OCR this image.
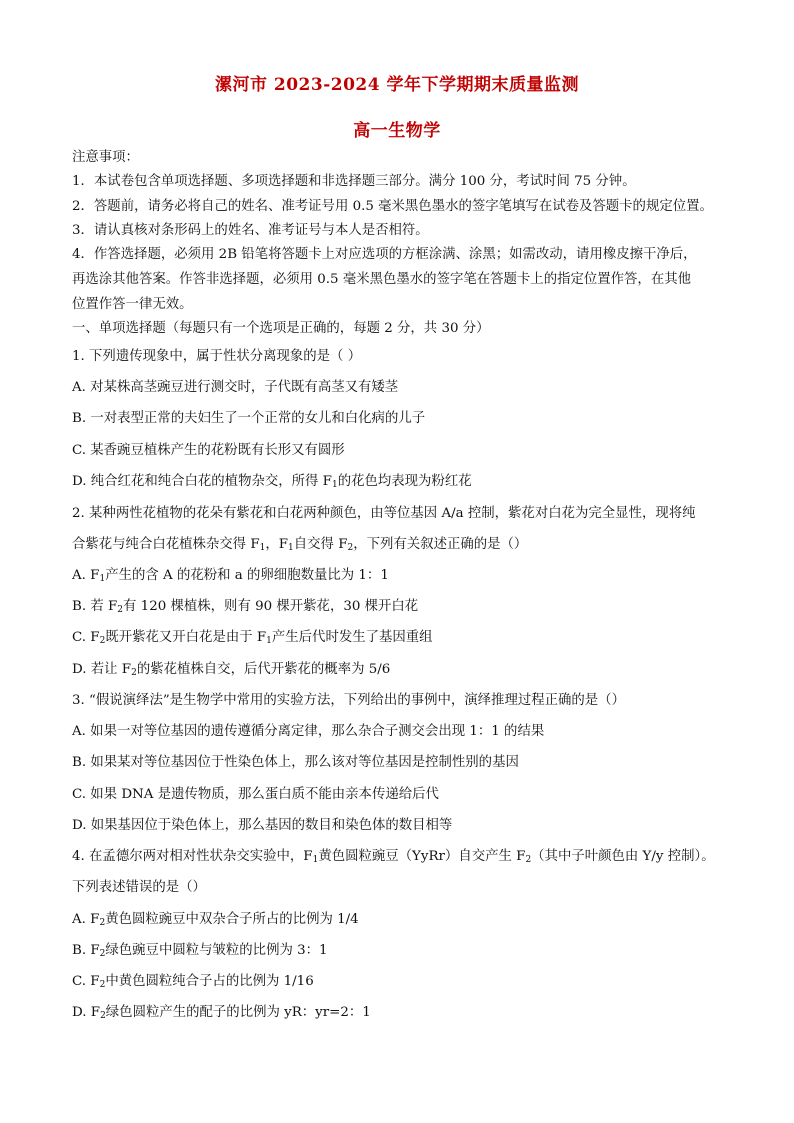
漯河市 2023-2024 学年下学期期末质量监测
高一生物学
注意事项：
1．本试卷包含单项选择题、多项选择题和非选择题三部分。满分 100 分，考试时间 75 分钟。
2．答题前，请务必将自己的姓名、准考证号用 0.5 毫米黑色墨水的签字笔填写在试卷及答题卡的规定位置。
3．请认真核对条形码上的姓名、准考证号与本人是否相符。
4．作答选择题，必须用 2B 铅笔将答题卡上对应选项的方框涂满、涂黑；如需改动，请用橡皮擦干净后，
再选涂其他答案。作答非选择题，必须用 0.5 毫米黑色墨水的签字笔在答题卡上的指定位置作答，在其他
位置作答一律无效。
一、单项选择题（每题只有一个选项是正确的，每题 2 分，共 30 分）
1. 下列遗传现象中，属于性状分离现象的是（ ）
A. 对某株高茎豌豆进行测交时，子代既有高茎又有矮茎
B. 一对表型正常的夫妇生了一个正常的女儿和白化病的儿子
C. 某香豌豆植株产生的花粉既有长形又有圆形
D. 纯合红花和纯合白花的植物杂交，所得 $F_1$的花色均表现为粉红花
2. 某种两性花植物的花朵有紫花和白花两种颜色，由等位基因 A/a 控制，紫花对白花为完全显性，现将纯
合紫花与纯合白花植株杂交得 $F_1$，$F_1$自交得 $F_2$，下列有关叙述正确的是（）
A. $F_1$产生的含 A 的花粉和 a 的卵细胞数量比为 1：1
B. 若 $F_2$有 120 棵植株，则有 90 棵开紫花，30 棵开白花
C. $F_2$既开紫花又开白花是由于 $F_1$产生后代时发生了基因重组
D. 若让 $F_2$的紫花植株自交，后代开紫花的概率为 5/6
3. “假说演绎法”是生物学中常用的实验方法，下列给出的事例中，演绎推理过程正确的是（）
A. 如果一对等位基因的遗传遵循分离定律，那么杂合子测交会出现 1：1 的结果
B. 如果某对等位基因位于性染色体上，那么该对等位基因是控制性别的基因
C. 如果 DNA 是遗传物质，那么蛋白质不能由亲本传递给后代
D. 如果基因位于染色体上，那么基因的数目和染色体的数目相等
4. 在孟德尔两对相对性状杂交实验中，$F_1$黄色圆粒豌豆（YyRr）自交产生 $F_2$（其中子叶颜色由 Y/y 控制）。
下列表述错误的是（）
A. $F_2$黄色圆粒豌豆中双杂合子所占的比例为 1/4
B. $F_2$绿色豌豆中圆粒与皱粒的比例为 3：1
C. $F_2$中黄色圆粒纯合子占的比例为 1/16
D. $F_2$绿色圆粒产生的配子的比例为 yR：yr=2：1
